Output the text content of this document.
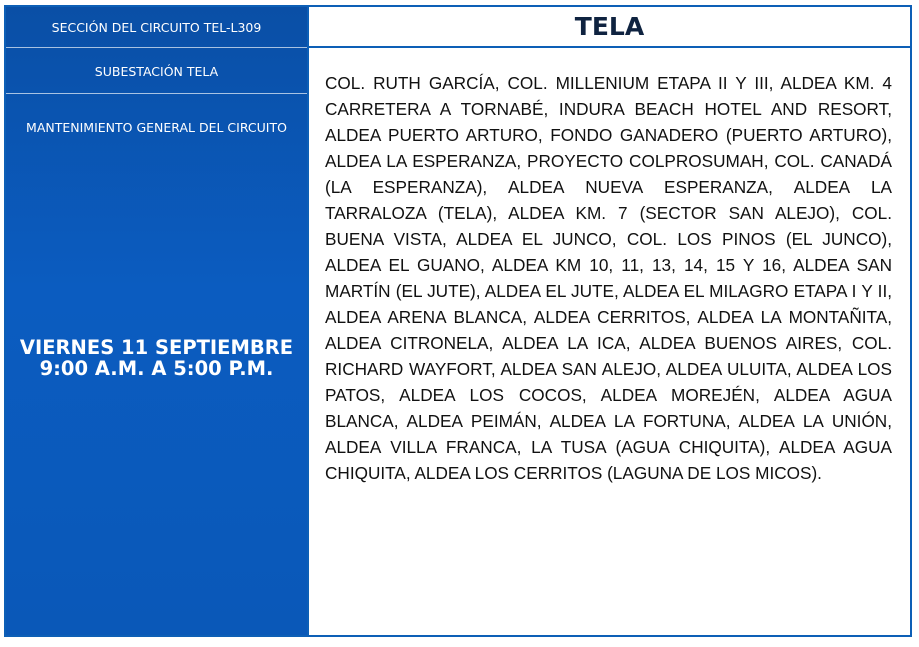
SECCIÓN DEL CIRCUITO TEL-L309
SUBESTACIÓN TELA
MANTENIMIENTO GENERAL DEL CIRCUITO
VIERNES 11 SEPTIEMBRE
9:00 A.M. A 5:00 P.M.
TELA
COL. RUTH GARCÍA, COL. MILLENIUM ETAPA II Y III, ALDEA KM. 4 CARRETERA A TORNABÉ, INDURA BEACH HOTEL AND RESORT, ALDEA PUERTO ARTURO, FONDO GANADERO (PUERTO ARTURO), ALDEA LA ESPERANZA, PROYECTO COLPROSUMAH, COL. CANADÁ (LA ESPERANZA), ALDEA NUEVA ESPERANZA, ALDEA LA TARRALOZA (TELA), ALDEA KM. 7 (SECTOR SAN ALEJO), COL. BUENA VISTA, ALDEA EL JUNCO, COL. LOS PINOS (EL JUNCO), ALDEA EL GUANO, ALDEA KM 10, 11, 13, 14, 15 Y 16, ALDEA SAN MARTÍN (EL JUTE), ALDEA EL JUTE, ALDEA EL MILAGRO ETAPA I Y II, ALDEA ARENA BLANCA, ALDEA CERRITOS, ALDEA LA MONTAÑITA, ALDEA CITRONELA, ALDEA LA ICA, ALDEA BUENOS AIRES, COL. RICHARD WAYFORT, ALDEA SAN ALEJO, ALDEA ULUITA, ALDEA LOS PATOS, ALDEA LOS COCOS, ALDEA MOREJÉN, ALDEA AGUA BLANCA, ALDEA PEIMÁN, ALDEA LA FORTUNA, ALDEA LA UNIÓN, ALDEA VILLA FRANCA, LA TUSA (AGUA CHIQUITA), ALDEA AGUA CHIQUITA, ALDEA LOS CERRITOS (LAGUNA DE LOS MICOS).
